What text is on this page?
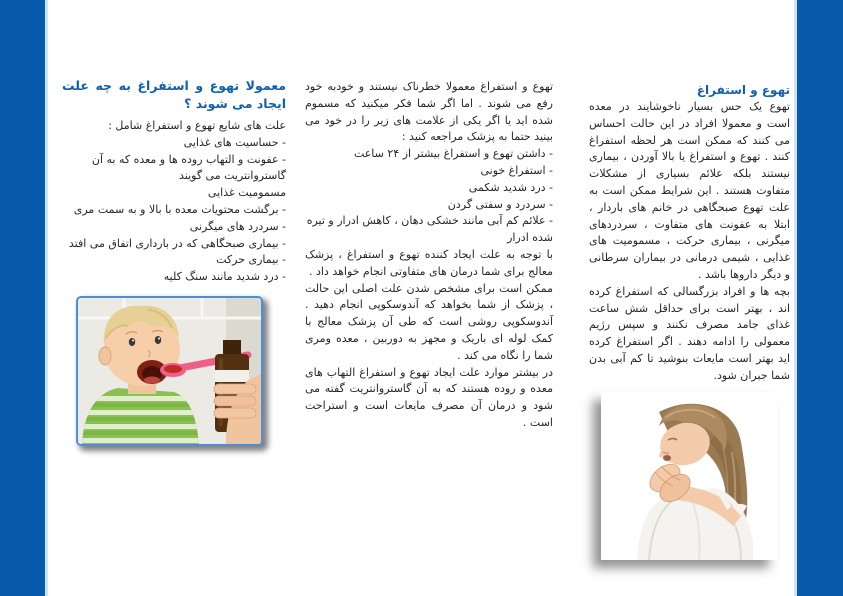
تهوع و استفراغ

تهوع یک حس بسیار ناخوشایند در معده است و معمولا افراد در این حالت احساس می کنند که ممکن است هر لحظه استفراغ کنند . تهوع و استفراغ یا بالا آوردن ، بیماری نیستند بلکه علائم بسیاری از مشکلات متفاوت هستند . این شرایط ممکن است به علت تهوع صبحگاهی در خانم های باردار ، ابتلا به عفونت های متفاوت ، سردردهای میگرنی ، بیماری حرکت ، مسمومیت های غذایی ، شیمی درمانی در بیماران سرطانی و دیگر داروها باشد .

بچه ها و افراد بزرگسالی که استفراغ کرده اند ، بهتر است برای حداقل شش ساعت غذای جامد مصرف نکنند و سپس رژیم معمولی را ادامه دهند . اگر استفراغ کرده اید بهتر است مایعات بنوشید تا کم آبی بدن شما جبران شود.

تهوع و استفراغ معمولا خطرناک نیستند و خودبه خود رفع می شوند . اما اگر شما فکر میکنید که مسموم شده اید یا اگر یکی از علامت های زیر را در خود می بینید حتما به پزشک مراجعه کنید :

- داشتن تهوع و استفراغ بیشتر از ۲۴ ساعت

- استفراغ خونی

- درد شدید شکمی

- سردرد و سفتی گردن

- علائم کم آبی مانند خشکی دهان ، کاهش ادرار و تیره شده ادرار

با توجه به علت ایجاد کننده تهوع و استفراغ ، پزشک معالج برای شما درمان های متفاوتی انجام خواهد داد .

ممکن است برای مشخص شدن علت اصلی این حالت ، پزشک از شما بخواهد که آندوسکوپی انجام دهید . آندوسکوپی روشی است که طی آن پزشک معالج با کمک لوله ای باریک و مجهز به دوربین ، معده ومری شما را نگاه می کند .

در بیشتر موارد علت ایجاد تهوع و استفراغ التهاب های معده و روده هستند که به آن گاستروانتریت گفته می شود و درمان آن مصرف مایعات است و استراحت است .

معمولا تهوع و استفراغ به چه علت ایجاد می شوند ؟

علت های شایع تهوع و استفراغ شامل :

- حساسیت های غذایی

- عفونت و التهاب روده ها و معده که به آن گاستروانتریت می گویند

مسمومیت غذایی

- برگشت محتویات معده با بالا و به سمت مری

- سردرد های میگرنی

- بیماری صبحگاهی که در بارداری اتفاق می افتد

- بیماری حرکت

- درد شدید مانند سنگ کلیه
